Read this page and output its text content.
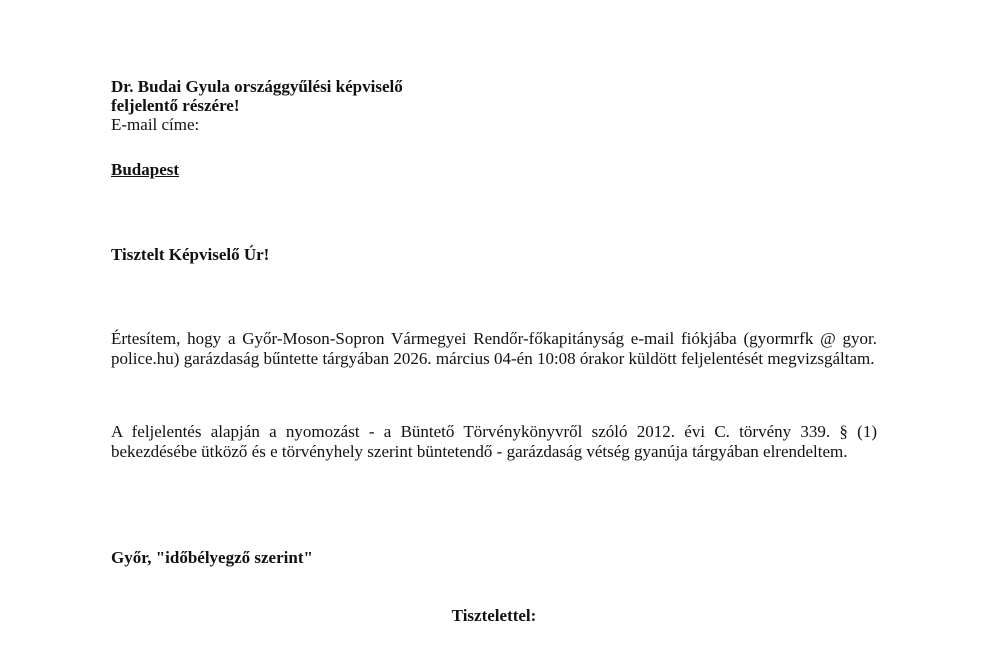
Dr. Budai Gyula országgyűlési képviselő
feljelentő részére!
E-mail címe:
Budapest
Tisztelt Képviselő Úr!
Értesítem, hogy a Győr-Moson-Sopron Vármegyei Rendőr-főkapitányság e-mail fiókjába (gyormrfk @ gyor. police.hu) garázdaság bűntette tárgyában 2026. március 04-én 10:08 órakor küldött feljelentését megvizsgáltam.
A feljelentés alapján a nyomozást - a Büntető Törvénykönyvről szóló 2012. évi C. törvény 339. § (1) bekezdésébe ütköző és e törvényhely szerint büntetendő - garázdaság vétség gyanúja tárgyában elrendeltem.
Győr, "időbélyegző szerint"
Tisztelettel:
